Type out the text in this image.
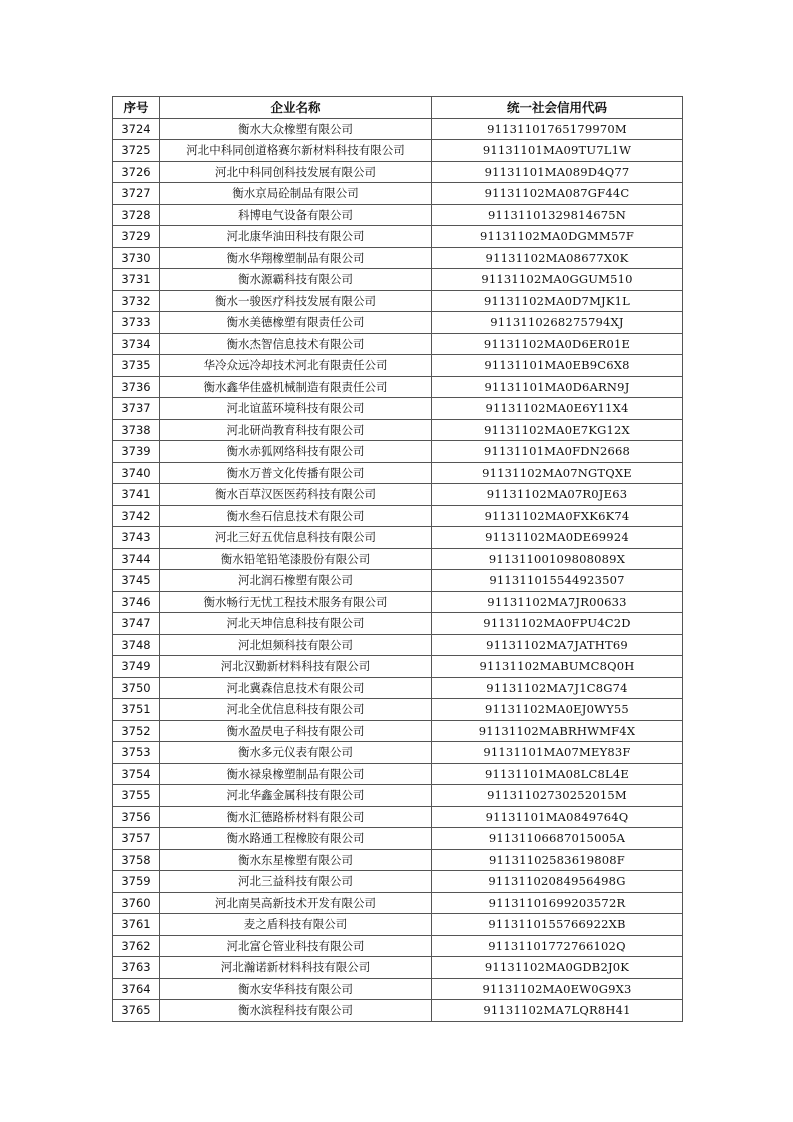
序号	企业名称	统一社会信用代码
3724	衡水大众橡塑有限公司	91131101765179970M
3725	河北中科同创道格赛尔新材料科技有限公司	91131101MA09TU7L1W
3726	河北中科同创科技发展有限公司	91131101MA089D4Q77
3727	衡水京局砼制品有限公司	91131102MA087GF44C
3728	科博电气设备有限公司	91131101329814675N
3729	河北康华油田科技有限公司	91131102MA0DGMM57F
3730	衡水华翔橡塑制品有限公司	91131102MA08677X0K
3731	衡水源霸科技有限公司	91131102MA0GGUM510
3732	衡水一骏医疗科技发展有限公司	91131102MA0D7MJK1L
3733	衡水美德橡塑有限责任公司	9113110268275794XJ
3734	衡水杰智信息技术有限公司	91131102MA0D6ER01E
3735	华冷众远冷却技术河北有限责任公司	91131101MA0EB9C6X8
3736	衡水鑫华佳盛机械制造有限责任公司	91131101MA0D6ARN9J
3737	河北谊蓝环境科技有限公司	91131102MA0E6Y11X4
3738	河北研尚教育科技有限公司	91131102MA0E7KG12X
3739	衡水赤狐网络科技有限公司	91131101MA0FDN2668
3740	衡水万普文化传播有限公司	91131102MA07NGTQXE
3741	衡水百草汉医医药科技有限公司	91131102MA07R0JE63
3742	衡水叁石信息技术有限公司	91131102MA0FXK6K74
3743	河北三好五优信息科技有限公司	91131102MA0DE69924
3744	衡水铅笔铅笔漆股份有限公司	91131100109808089X
3745	河北润石橡塑有限公司	911311015544923507
3746	衡水畅行无忧工程技术服务有限公司	91131102MA7JR00633
3747	河北天坤信息科技有限公司	91131102MA0FPU4C2D
3748	河北炟频科技有限公司	91131102MA7JATHT69
3749	河北汉勤新材料科技有限公司	91131102MABUMC8Q0H
3750	河北冀森信息技术有限公司	91131102MA7J1C8G74
3751	河北全优信息科技有限公司	91131102MA0EJ0WY55
3752	衡水盈昃电子科技有限公司	91131102MABRHWMF4X
3753	衡水多元仪表有限公司	91131101MA07MEY83F
3754	衡水禄泉橡塑制品有限公司	91131101MA08LC8L4E
3755	河北华鑫金属科技有限公司	91131102730252015M
3756	衡水汇德路桥材料有限公司	91131101MA0849764Q
3757	衡水路通工程橡胶有限公司	91131106687015005A
3758	衡水东星橡塑有限公司	91131102583619808F
3759	河北三益科技有限公司	91131102084956498G
3760	河北南昊高新技术开发有限公司	91131101699203572R
3761	麦之盾科技有限公司	9113110155766922XB
3762	河北富仑管业科技有限公司	91131101772766102Q
3763	河北瀚诺新材料科技有限公司	91131102MA0GDB2J0K
3764	衡水安华科技有限公司	91131102MA0EW0G9X3
3765	衡水滨程科技有限公司	91131102MA7LQR8H41
